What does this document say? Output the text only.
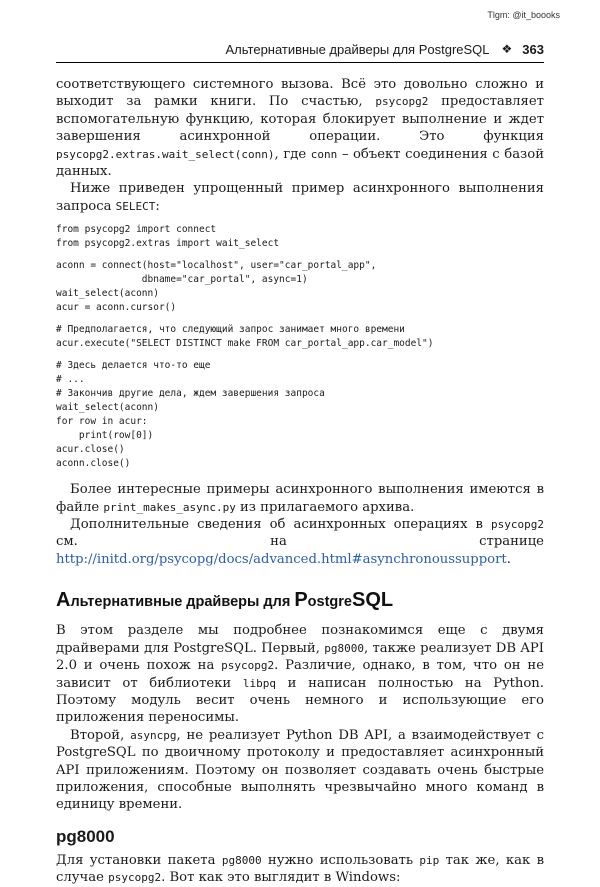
Tlgm: @it_boooks
Альтернативные драйверы для PostgreSQL ❖ 363

соответствующего системного вызова. Всё это довольно сложно и выходит за рамки книги. По счастью, psycopg2 предоставляет вспомогательную функцию, которая блокирует выполнение и ждет завершения асинхронной операции. Это функция psycopg2.extras.wait_select(conn), где conn – объект соединения с базой данных.

Ниже приведен упрощенный пример асинхронного выполнения запроса SELECT:

from psycopg2 import connect
from psycopg2.extras import wait_select
aconn = connect(host="localhost", user="car_portal_app",
dbname="car_portal", async=1)
wait_select(aconn)
acur = aconn.cursor()
# Предполагается, что следующий запрос занимает много времени
acur.execute("SELECT DISTINCT make FROM car_portal_app.car_model")
# Здесь делается что-то еще
# ...
# Закончив другие дела, ждем завершения запроса
wait_select(aconn)
for row in acur:
print(row[0])
acur.close()
aconn.close()

Более интересные примеры асинхронного выполнения имеются в файле print_makes_async.py из прилагаемого архива.

Дополнительные сведения об асинхронных операциях в psycopg2 см. на странице http://initd.org/psycopg/docs/advanced.html#asynchronoussupport.

Альтернативные драйверы для PostgreSQL

В этом разделе мы подробнее познакомимся еще с двумя драйверами для PostgreSQL. Первый, pg8000, также реализует DB API 2.0 и очень похож на psycopg2. Различие, однако, в том, что он не зависит от библиотеки libpq и написан полностью на Python. Поэтому модуль весит очень немного и использующие его приложения переносимы.

Второй, asyncpg, не реализует Python DB API, а взаимодействует с PostgreSQL по двоичному протоколу и предоставляет асинхронный API приложениям. Поэтому он позволяет создавать очень быстрые приложения, способные выполнять чрезвычайно много команд в единицу времени.

pg8000

Для установки пакета pg8000 нужно использовать pip так же, как в случае psycopg2. Вот как это выглядит в Windows:
